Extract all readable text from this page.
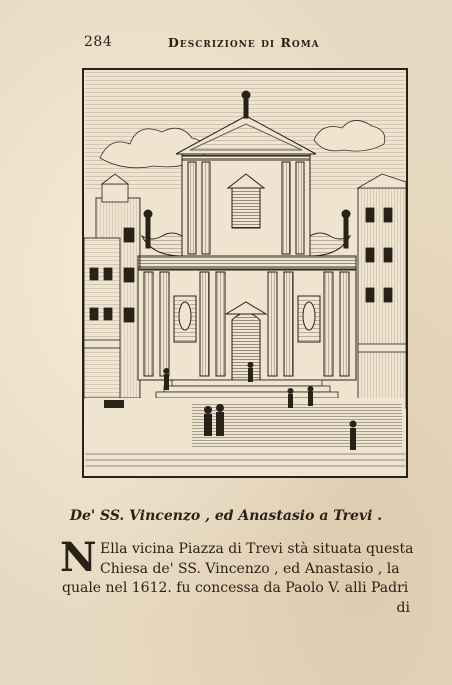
284	Descrizione di Roma
De' SS. Vincenzo , ed Anastasio a Trevi .
N Ella vicina Piazza di Trevi stà situata questa
Chiesa de' SS. Vincenzo , ed Anastasio , la
quale nel 1612. fu concessa da Paolo V. alli Padri
di
